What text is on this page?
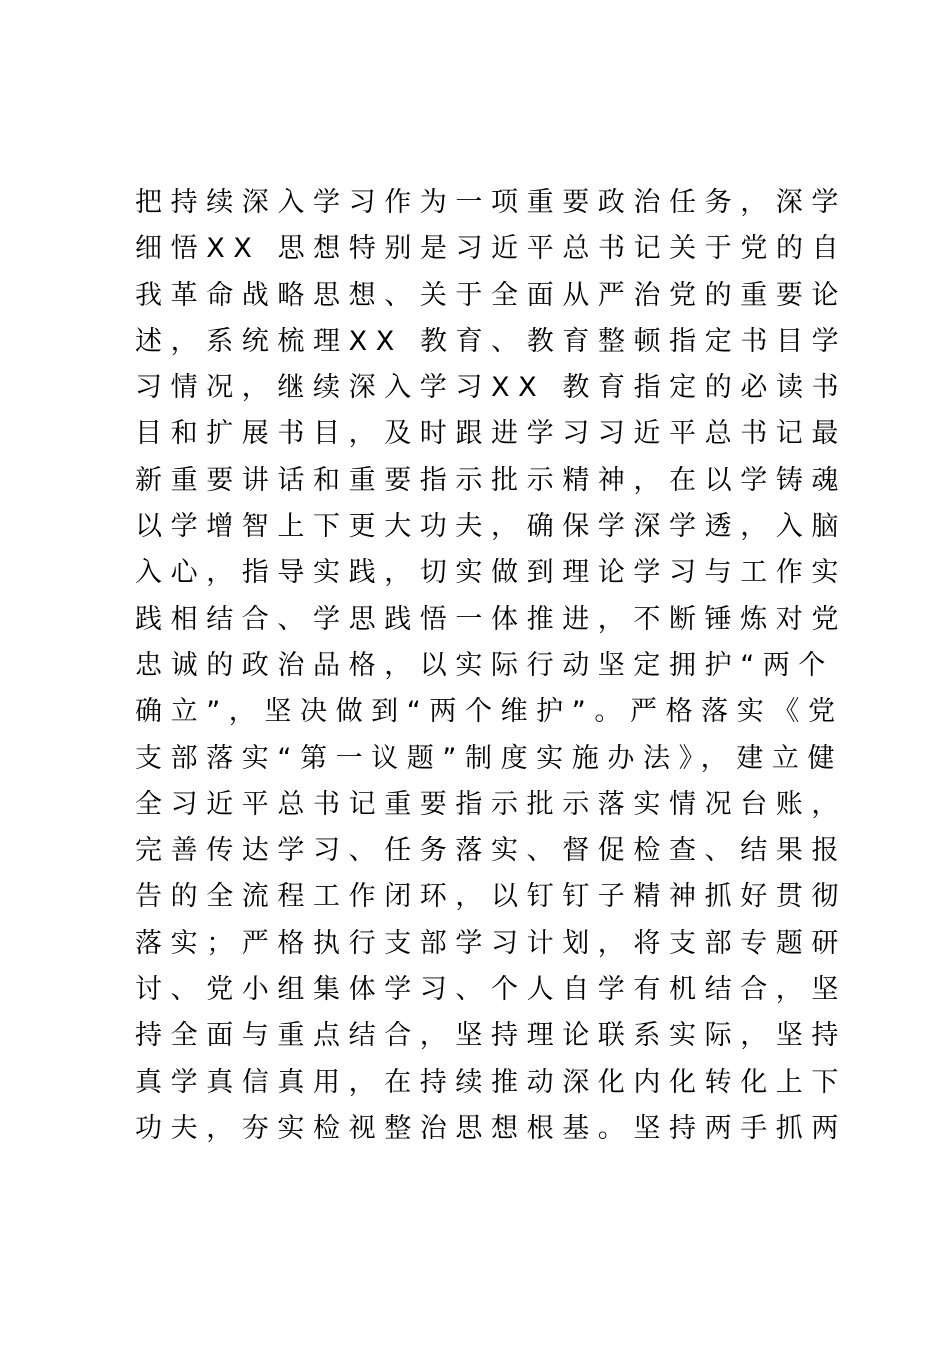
把持续深入学习作为一项重要政治任务，深学
细悟XX 思想特别是习近平总书记关于党的自
我革命战略思想、关于全面从严治党的重要论
述，系统梳理XX 教育、教育整顿指定书目学
习情况，继续深入学习XX 教育指定的必读书
目和扩展书目，及时跟进学习习近平总书记最
新重要讲话和重要指示批示精神，在以学铸魂
以学增智上下更大功夫，确保学深学透，入脑
入心，指导实践，切实做到理论学习与工作实
践相结合、学思践悟一体推进，不断锤炼对党
忠诚的政治品格，以实际行动坚定拥护“两个
确立”，坚决做到“两个维护”。严格落实《党
支部落实“第一议题”制度实施办法》，建立健
全习近平总书记重要指示批示落实情况台账，
完善传达学习、任务落实、督促检查、结果报
告的全流程工作闭环，以钉钉子精神抓好贯彻
落实；严格执行支部学习计划，将支部专题研
讨、党小组集体学习、个人自学有机结合，坚
持全面与重点结合，坚持理论联系实际，坚持
真学真信真用，在持续推动深化内化转化上下
功夫，夯实检视整治思想根基。坚持两手抓两
